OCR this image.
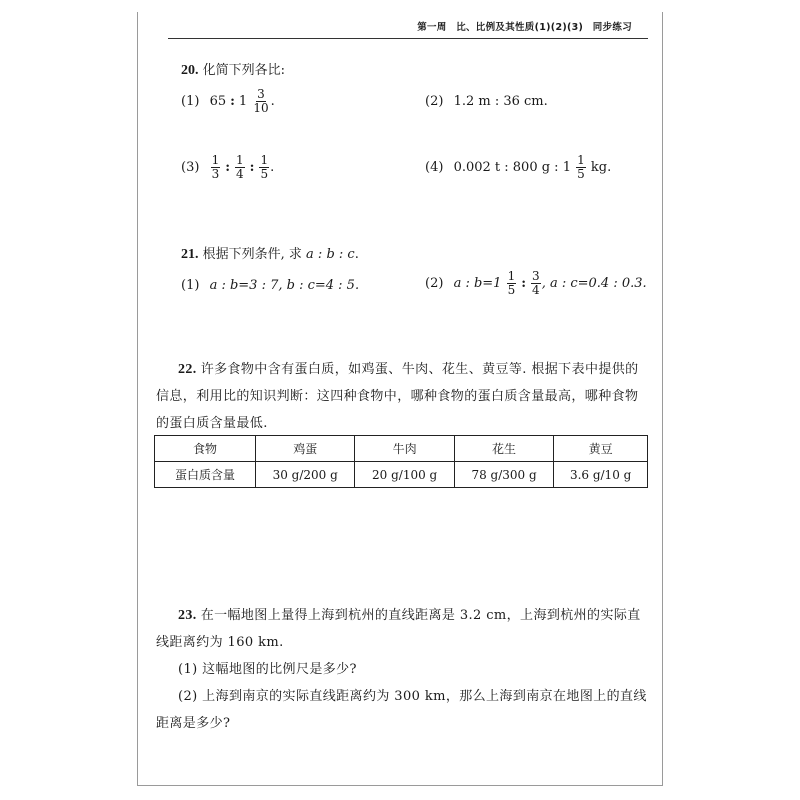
第一周 比、比例及其性质(1)(2)(3) 同步练习
20. 化简下列各比:
(1) 65 : $1 \frac{3}{10}$ .	(2) 1.2 m : 36 cm.
$(3) \frac{1}{3}$ : $\frac{1}{4}$ : $\frac{1}{5}$ .	(4) 0.002 t : 800 g : $1 \frac{1}{5}$ kg.
21. 根据下列条件, 求 a : b : c.
(1) a : b=3 : 7, b : c=4 : 5.	(2) a : $b=1 \frac{1}{5}$ : $\frac{3}{4}$ , a : c=0.4 : 0.3.
22. 许多食物中含有蛋白质，如鸡蛋、牛肉、花生、黄豆等. 根据下表中提供的信息，利用比的知识判断：这四种食物中，哪种食物的蛋白质含量最高，哪种食物的蛋白质含量最低.
食物	鸡蛋	牛肉	花生	黄豆
蛋白质含量	30 g/200 g	20 g/100 g	78 g/300 g	3.6 g/10 g
23. 在一幅地图上量得上海到杭州的直线距离是 3.2 cm，上海到杭州的实际直线距离约为 160 km.
(1) 这幅地图的比例尺是多少?
(2) 上海到南京的实际直线距离约为 300 km，那么上海到南京在地图上的直线距离是多少?
